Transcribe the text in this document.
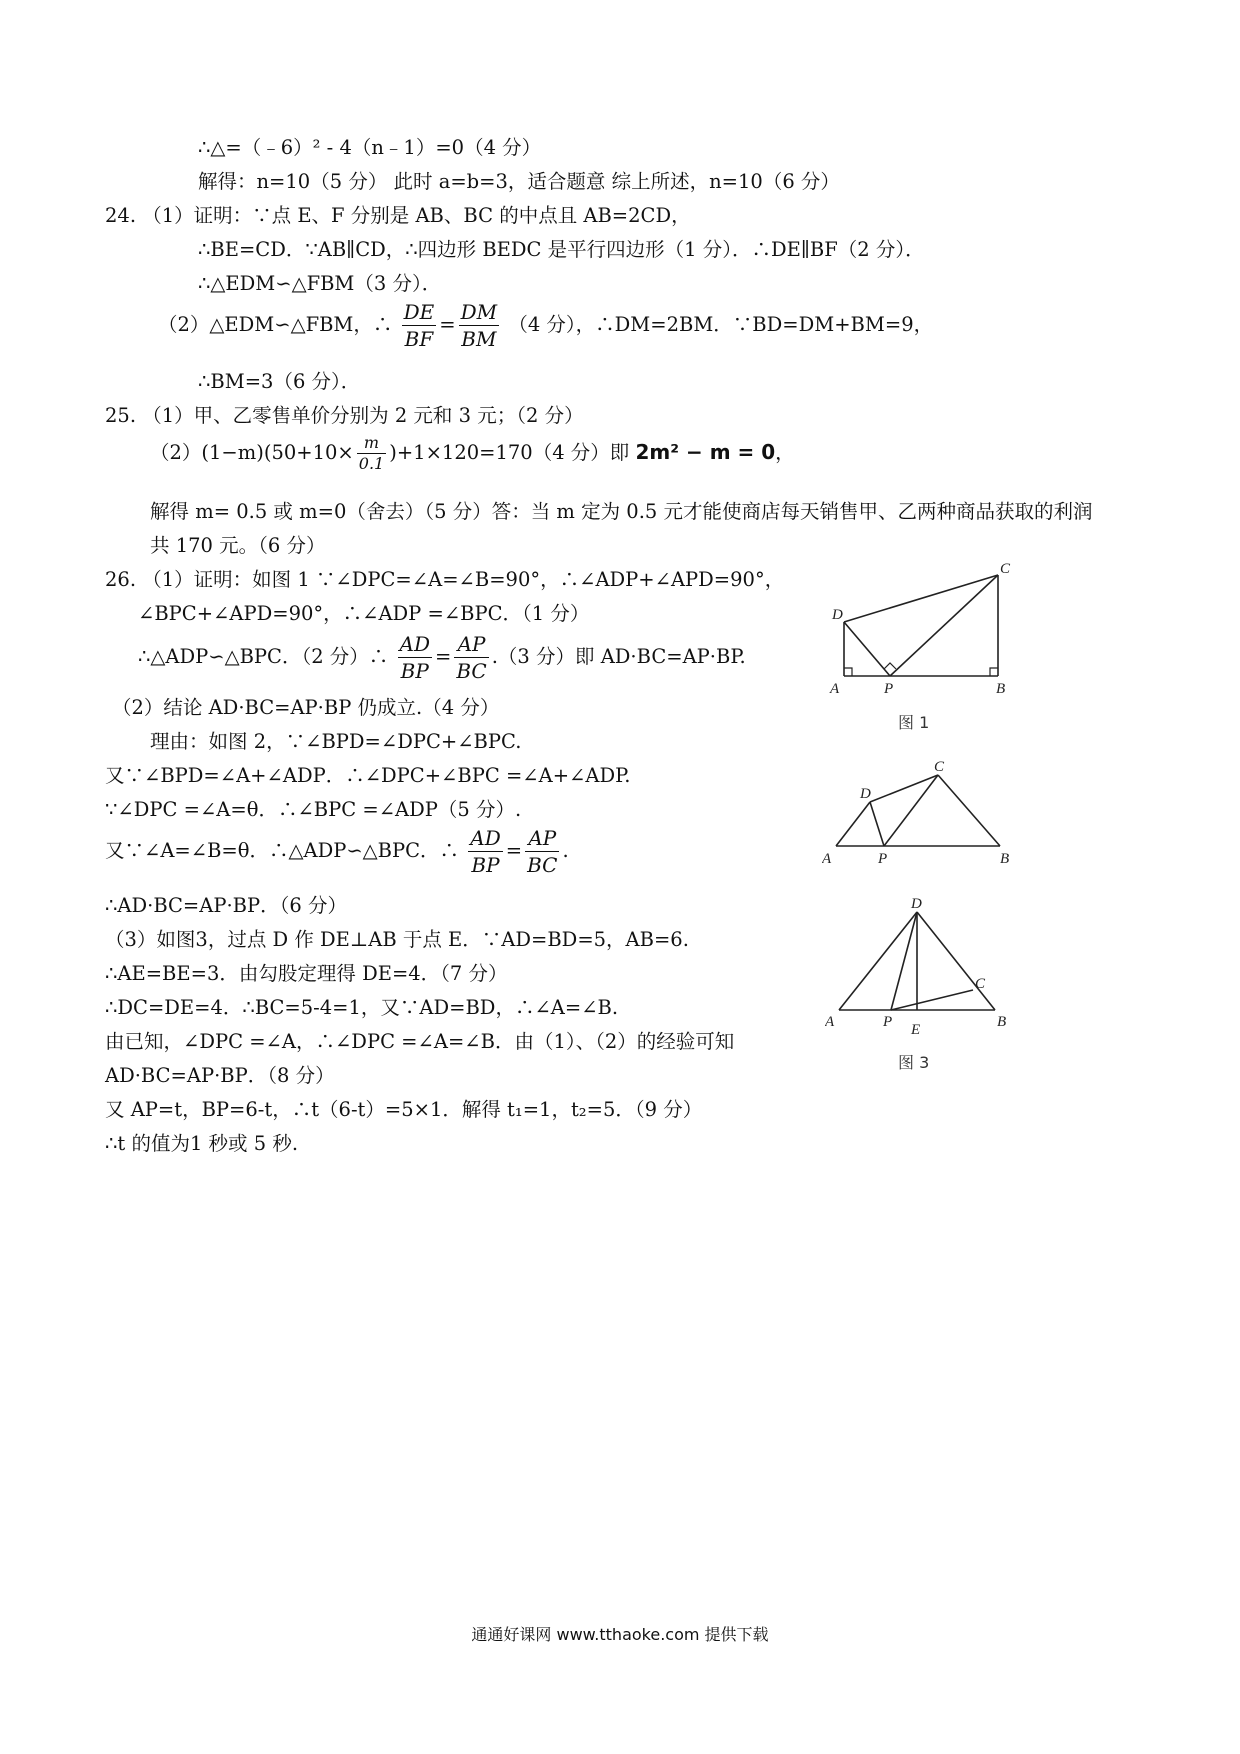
∴△=（﹣6）² - 4（n﹣1）=0（4 分）
解得：n=10（5 分） 此时 a=b=3，适合题意 综上所述，n=10（6 分）
24. （1）证明：∵点 E、F 分别是 AB、BC 的中点且 AB=2CD，
∴BE=CD．∵AB∥CD，∴四边形 BEDC 是平行四边形（1 分）．∴DE∥BF（2 分）．
∴△EDM∽△FBM（3 分）．
（2）△EDM∽△FBM，∴ $\frac{DE}{BF} = \frac{DM}{BM} (4$ 分），∴DM=2BM．∵BD=DM+BM=9，
∴BM=3（6 分）．
25. （1）甲、乙零售单价分别为 2 元和 3 元；（2 分）
$(2)(1-m)(50+10\times \frac{m}{0.1} )+1\times 120=170(4$ 分）即 2m² − m = 0，
解得 m= 0.5 或 m=0（舍去）（5 分）答：当 m 定为 0.5 元才能使商店每天销售甲、乙两种商品获取的利润
共 170 元。（6 分）
26. （1）证明：如图 1 ∵∠DPC=∠A=∠B=90°，∴∠ADP+∠APD=90°，
∠BPC+∠APD=90°，∴∠ADP =∠BPC．（1 分）
∴△ADP∽△BPC．（2 分）∴ $\frac{AD}{BP} = \frac{AP}{BC} .(3$ 分）即 AD·BC=AP·BP.
（2）结论 AD·BC=AP·BP 仍成立.（4 分）
理由：如图 2，∵∠BPD=∠DPC+∠BPC.
又∵∠BPD=∠A+∠ADP．∴∠DPC+∠BPC =∠A+∠ADP.
∵∠DPC =∠A=θ．∴∠BPC =∠ADP（5 分）.
又∵∠A=∠B=θ．∴△ADP∽△BPC．∴ $\frac{AD}{BP} = \frac{AP}{BC}$ .
∴AD·BC=AP·BP．（6 分）
（3）如图3，过点 D 作 DE⊥AB 于点 E．∵AD=BD=5，AB=6.
∴AE=BE=3．由勾股定理得 DE=4．（7 分）
∴DC=DE=4．∴BC=5-4=1，又∵AD=BD，∴∠A=∠B.
由已知，∠DPC =∠A，∴∠DPC =∠A=∠B．由（1）、（2）的经验可知
AD·BC=AP·BP．（8 分）
又 AP=t，BP=6-t，∴t（6-t）=5×1．解得 t₁=1，t₂=5．（9 分）
∴t 的值为1 秒或 5 秒.
A	P	B
C
D
图 1
A	P	B
C
D
A	P E	B
C
D
图 3
通通好课网 www.tthaoke.com 提供下载
